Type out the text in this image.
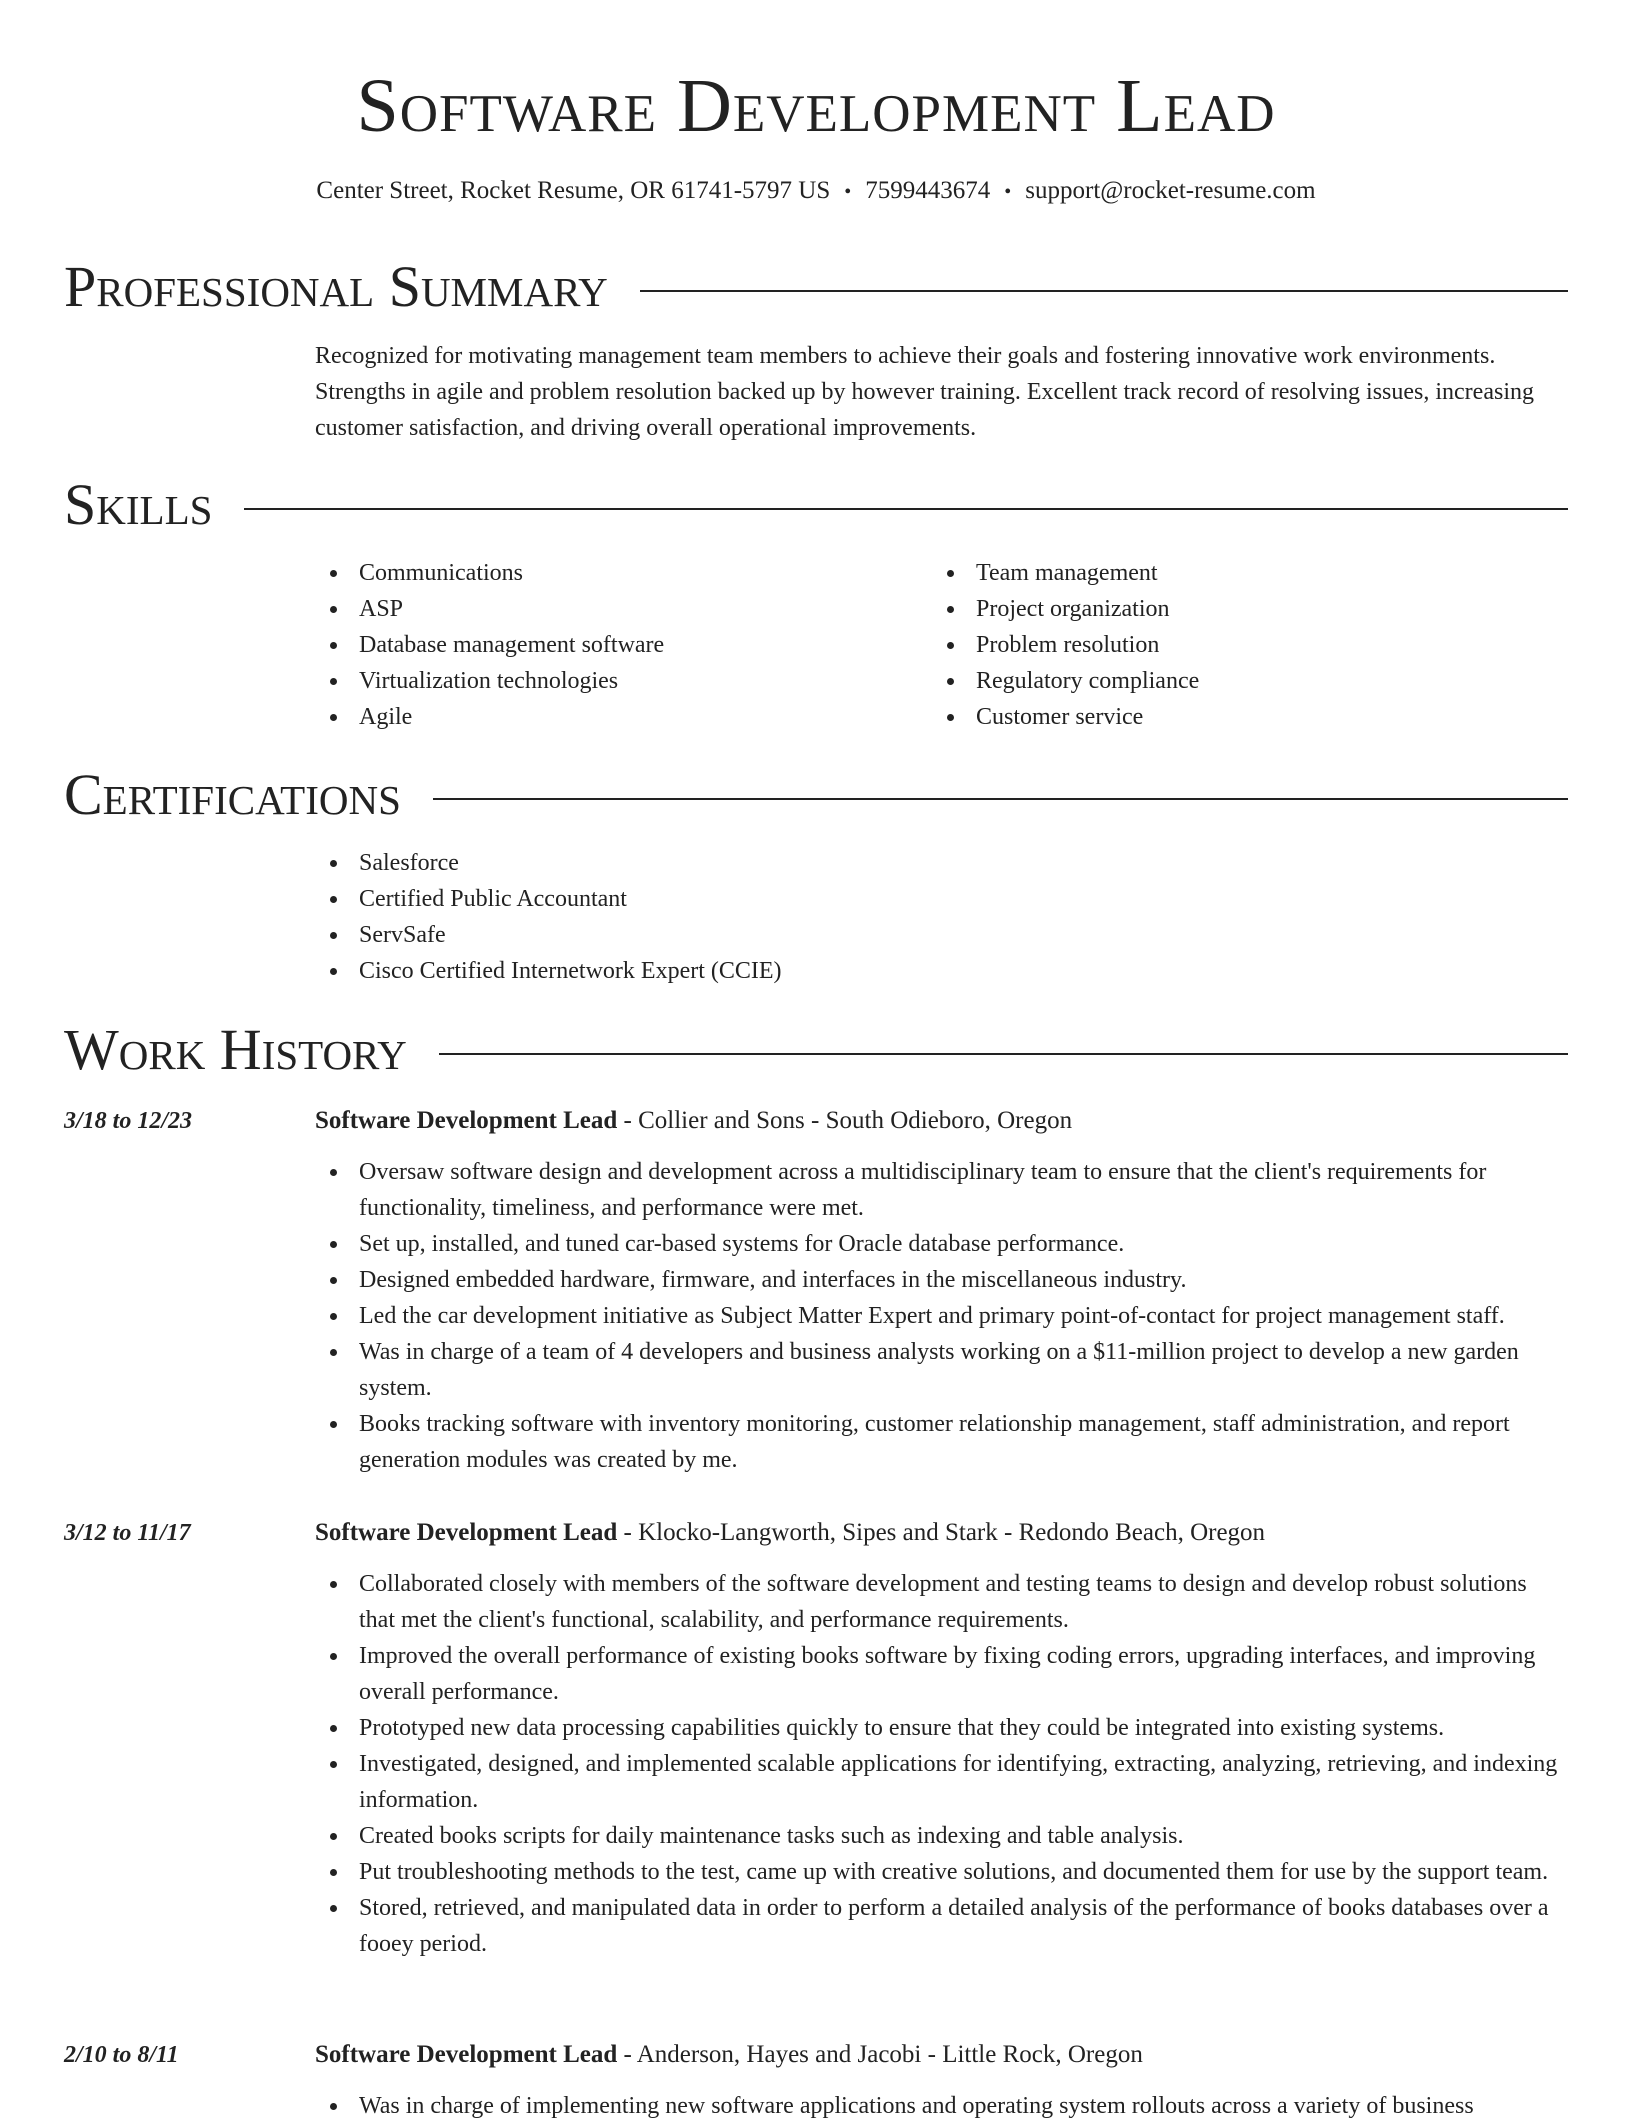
Software Development Lead
Center Street, Rocket Resume, OR 61741-5797 US • 7599443674 • support@rocket-resume.com
Professional Summary

Recognized for motivating management team members to achieve their goals and fostering innovative work environments. Strengths in agile and problem resolution backed up by however training. Excellent track record of resolving issues, increasing customer satisfaction, and driving overall operational improvements.

Skills
Communications
ASP
Database management software
Virtualization technologies
Agile
Team management
Project organization
Problem resolution
Regulatory compliance
Customer service
Certifications
Salesforce
Certified Public Accountant
ServSafe
Cisco Certified Internetwork Expert (CCIE)
Work History
3/18 to 12/23	Software Development Lead - Collier and Sons - South Odieboro, Oregon
Oversaw software design and development across a multidisciplinary team to ensure that the client's requirements for functionality, timeliness, and performance were met.
Set up, installed, and tuned car-based systems for Oracle database performance.
Designed embedded hardware, firmware, and interfaces in the miscellaneous industry.
Led the car development initiative as Subject Matter Expert and primary point-of-contact for project management staff.
Was in charge of a team of 4 developers and business analysts working on a $11-million project to develop a new garden system.
Books tracking software with inventory monitoring, customer relationship management, staff administration, and report generation modules was created by me.
3/12 to 11/17	Software Development Lead - Klocko-Langworth, Sipes and Stark - Redondo Beach, Oregon
Collaborated closely with members of the software development and testing teams to design and develop robust solutions that met the client's functional, scalability, and performance requirements.
Improved the overall performance of existing books software by fixing coding errors, upgrading interfaces, and improving overall performance.
Prototyped new data processing capabilities quickly to ensure that they could be integrated into existing systems.
Investigated, designed, and implemented scalable applications for identifying, extracting, analyzing, retrieving, and indexing information.
Created books scripts for daily maintenance tasks such as indexing and table analysis.
Put troubleshooting methods to the test, came up with creative solutions, and documented them for use by the support team.
Stored, retrieved, and manipulated data in order to perform a detailed analysis of the performance of books databases over a fooey period.
2/10 to 8/11	Software Development Lead - Anderson, Hayes and Jacobi - Little Rock, Oregon
Was in charge of implementing new software applications and operating system rollouts across a variety of business
